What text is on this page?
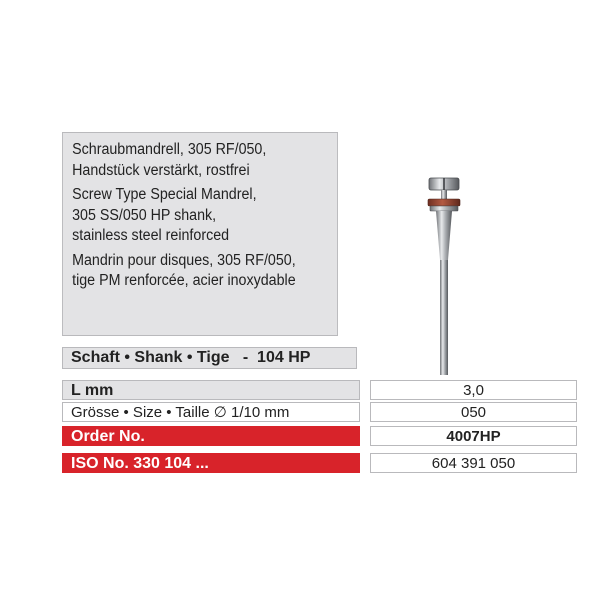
Schraubmandrell, 305 RF/050,
Handstück verstärkt, rostfrei
Screw Type Special Mandrel,
305 SS/050 HP shank,
stainless steel reinforced
Mandrin pour disques, 305 RF/050,
tige PM renforcée, acier inoxydable
Schaft • Shank • Tige   -  104 HP
L mm	3,0
Grösse • Size • Taille ∅ 1/10 mm	050
Order No.	4007HP
ISO No. 330 104 ...	604 391 050
